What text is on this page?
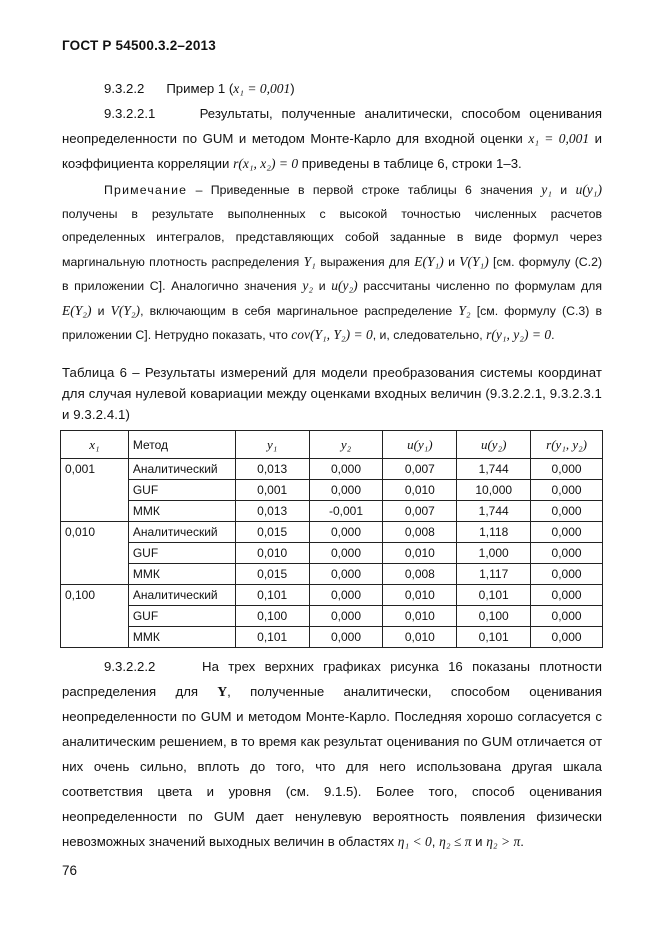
ГОСТ Р 54500.3.2–2013
9.3.2.2 Пример 1 (x₁ = 0,001)
9.3.2.2.1	Результаты, полученные аналитически, способом оценивания неопределенности по GUM и методом Монте-Карло для входной оценки x₁ = 0,001 и коэффициента корреляции r(x₁, x₂) = 0 приведены в таблице 6, строки 1–3.
Примечание – Приведенные в первой строке таблицы 6 значения y₁ и u(y₁) получены в результате выполненных с высокой точностью численных расчетов определенных интегралов, представляющих собой заданные в виде формул через маргинальную плотность распределения Y₁ выражения для E(Y₁) и V(Y₁) [см. формулу (С.2) в приложении С]. Аналогично значения y₂ и u(y₂) рассчитаны численно по формулам для E(Y₂) и V(Y₂), включающим в себя маргинальное распределение Y₂ [см. формулу (С.3) в приложении С]. Нетрудно показать, что cov(Y₁, Y₂) = 0, и, следовательно, r(y₁, y₂) = 0.
Таблица 6 – Результаты измерений для модели преобразования системы координат для случая нулевой ковариации между оценками входных величин (9.3.2.2.1, 9.3.2.3.1 и 9.3.2.4.1)
x₁	Метод	y₁	y₂	u(y₁)	u(y₂)	r(y₁, y₂)
0,001	Аналитический	0,013	0,000	0,007	1,744	0,000
	GUF	0,001	0,000	0,010	10,000	0,000
	ММК	0,013	-0,001	0,007	1,744	0,000
0,010	Аналитический	0,015	0,000	0,008	1,118	0,000
	GUF	0,010	0,000	0,010	1,000	0,000
	ММК	0,015	0,000	0,008	1,117	0,000
0,100	Аналитический	0,101	0,000	0,010	0,101	0,000
	GUF	0,100	0,000	0,010	0,100	0,000
	ММК	0,101	0,000	0,010	0,101	0,000
9.3.2.2.2	На трех верхних графиках рисунка 16 показаны плотности распределения для Y, полученные аналитически, способом оценивания неопределенности по GUM и методом Монте-Карло. Последняя хорошо согласуется с аналитическим решением, в то время как результат оценивания по GUM отличается от них очень сильно, вплоть до того, что для него использована другая шкала соответствия цвета и уровня (см. 9.1.5). Более того, способ оценивания неопределенности по GUM дает ненулевую вероятность появления физически невозможных значений выходных величин в областях η₁ < 0, η₂ ≤ π и η₂ > π.
76
